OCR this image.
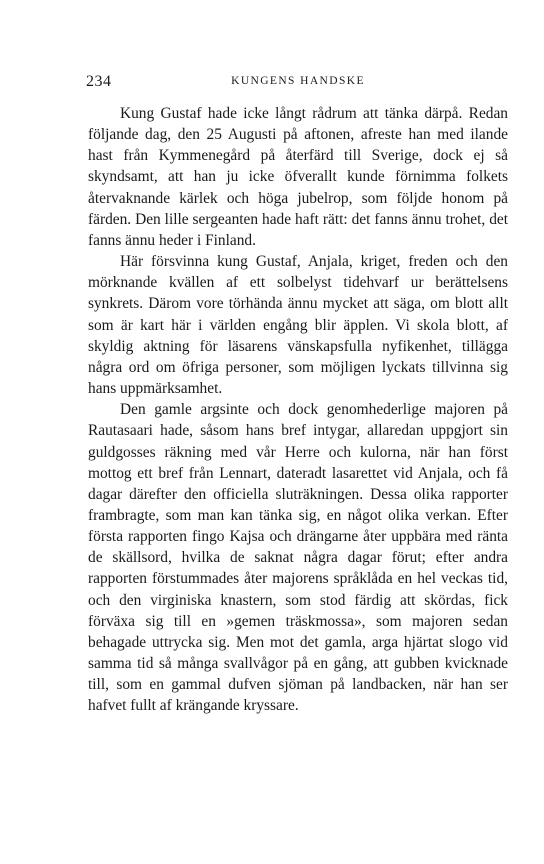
234	KUNGENS HANDSKE

Kung Gustaf hade icke långt rådrum att tänka därpå. Redan följande dag, den 25 Augusti på aftonen, afreste han med ilande hast från Kymmenegård på återfärd till Sverige, dock ej så skyndsamt, att han ju icke öfverallt kunde förnimma folkets återvaknande kärlek och höga jubelrop, som följde honom på färden. Den lille sergeanten hade haft rätt: det fanns ännu trohet, det fanns ännu heder i Finland.

Här försvinna kung Gustaf, Anjala, kriget, freden och den mörknande kvällen af ett solbelyst tidehvarf ur berättelsens synkrets. Därom vore törhända ännu mycket att säga, om blott allt som är kart här i världen engång blir äpplen. Vi skola blott, af skyldig aktning för läsarens vänskapsfulla nyfikenhet, tillägga några ord om öfriga personer, som möjligen lyckats tillvinna sig hans uppmärksamhet.

Den gamle argsinte och dock genomhederlige majoren på Rautasaari hade, såsom hans bref intygar, allaredan uppgjort sin guldgosses räkning med vår Herre och kulorna, när han först mottog ett bref från Lennart, dateradt lasarettet vid Anjala, och få dagar därefter den officiella sluträkningen. Dessa olika rapporter frambragte, som man kan tänka sig, en något olika verkan. Efter första rapporten fingo Kajsa och drängarne åter uppbära med ränta de skällsord, hvilka de saknat några dagar förut; efter andra rapporten förstummades åter majorens språklåda en hel veckas tid, och den virginiska knastern, som stod färdig att skördas, fick förväxa sig till en »gemen träskmossa», som majoren sedan behagade uttrycka sig. Men mot det gamla, arga hjärtat slogo vid samma tid så många svallvågor på en gång, att gubben kvicknade till, som en gammal dufven sjöman på landbacken, när han ser hafvet fullt af krängande kryssare.
